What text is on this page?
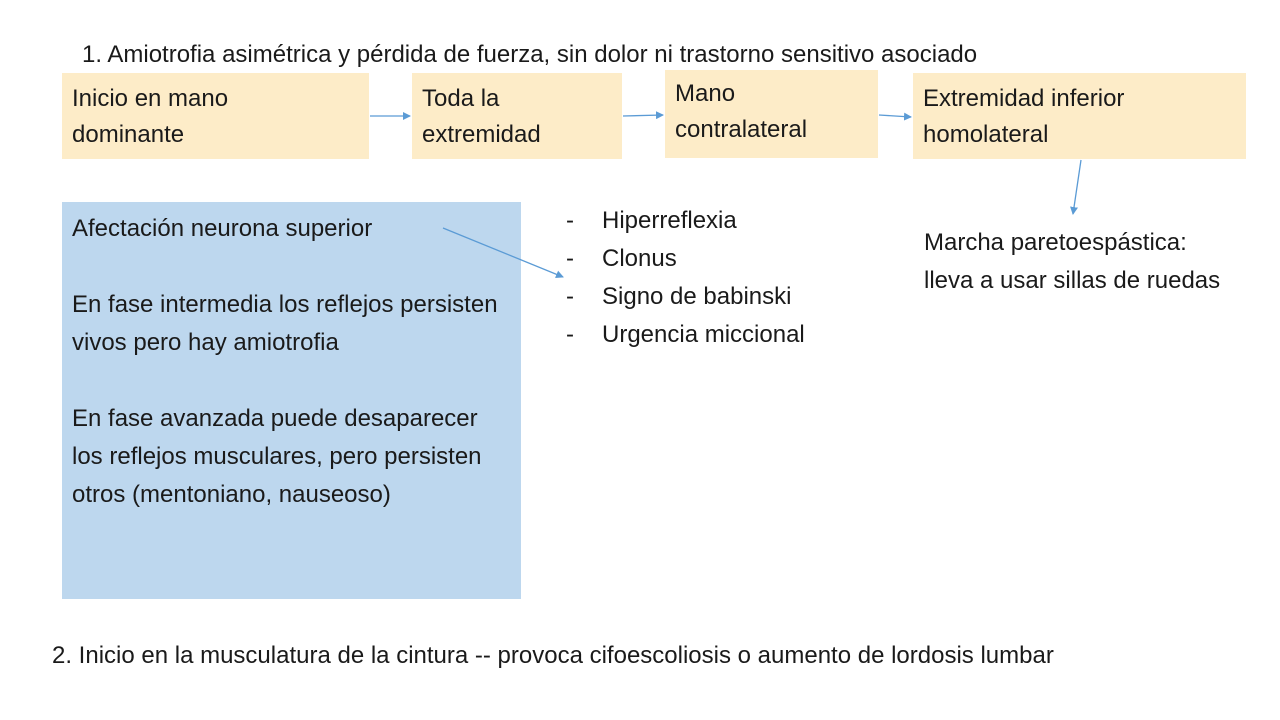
1. Amiotrofia asimétrica y pérdida de fuerza, sin dolor ni trastorno sensitivo asociado
Inicio en mano
dominante
Toda la
extremidad
Mano
contralateral
Extremidad inferior
homolateral

Afectación neurona superior

En fase intermedia los reflejos persisten vivos pero hay amiotrofia

En fase avanzada puede desaparecer los reflejos musculares, pero persisten otros (mentoniano, nauseoso)

- Hiperreflexia
- Clonus
- Signo de babinski
- Urgencia miccional
Marcha paretoespástica: lleva a usar sillas de ruedas
2. Inicio en la musculatura de la cintura -- provoca cifoescoliosis o aumento de lordosis lumbar
